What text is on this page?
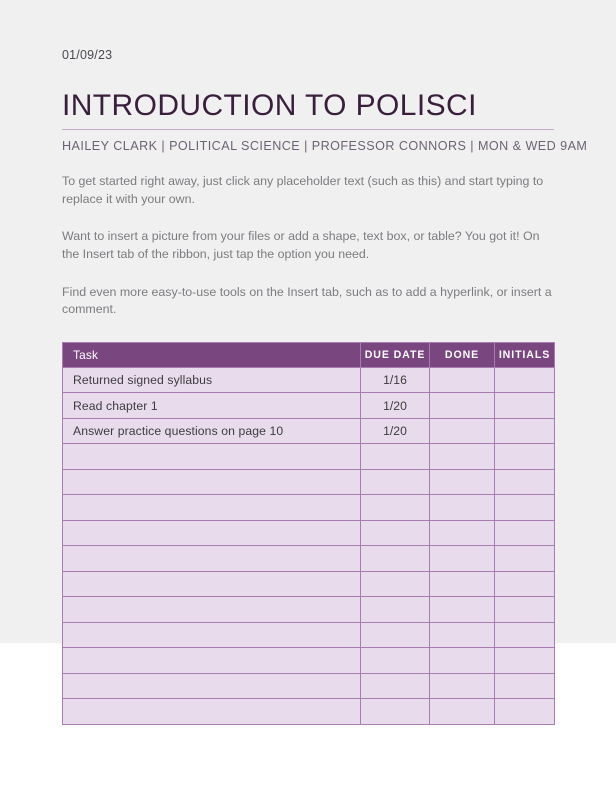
01/09/23
INTRODUCTION TO POLISCI
HAILEY CLARK | POLITICAL SCIENCE | PROFESSOR CONNORS | MON & WED 9AM
To get started right away, just click any placeholder text (such as this) and start typing to replace it with your own.
Want to insert a picture from your files or add a shape, text box, or table? You got it! On the Insert tab of the ribbon, just tap the option you need.
Find even more easy-to-use tools on the Insert tab, such as to add a hyperlink, or insert a comment.
Task	DUE DATE	DONE	INITIALS
Returned signed syllabus	1/16		
Read chapter 1	1/20		
Answer practice questions on page 10	1/20		
